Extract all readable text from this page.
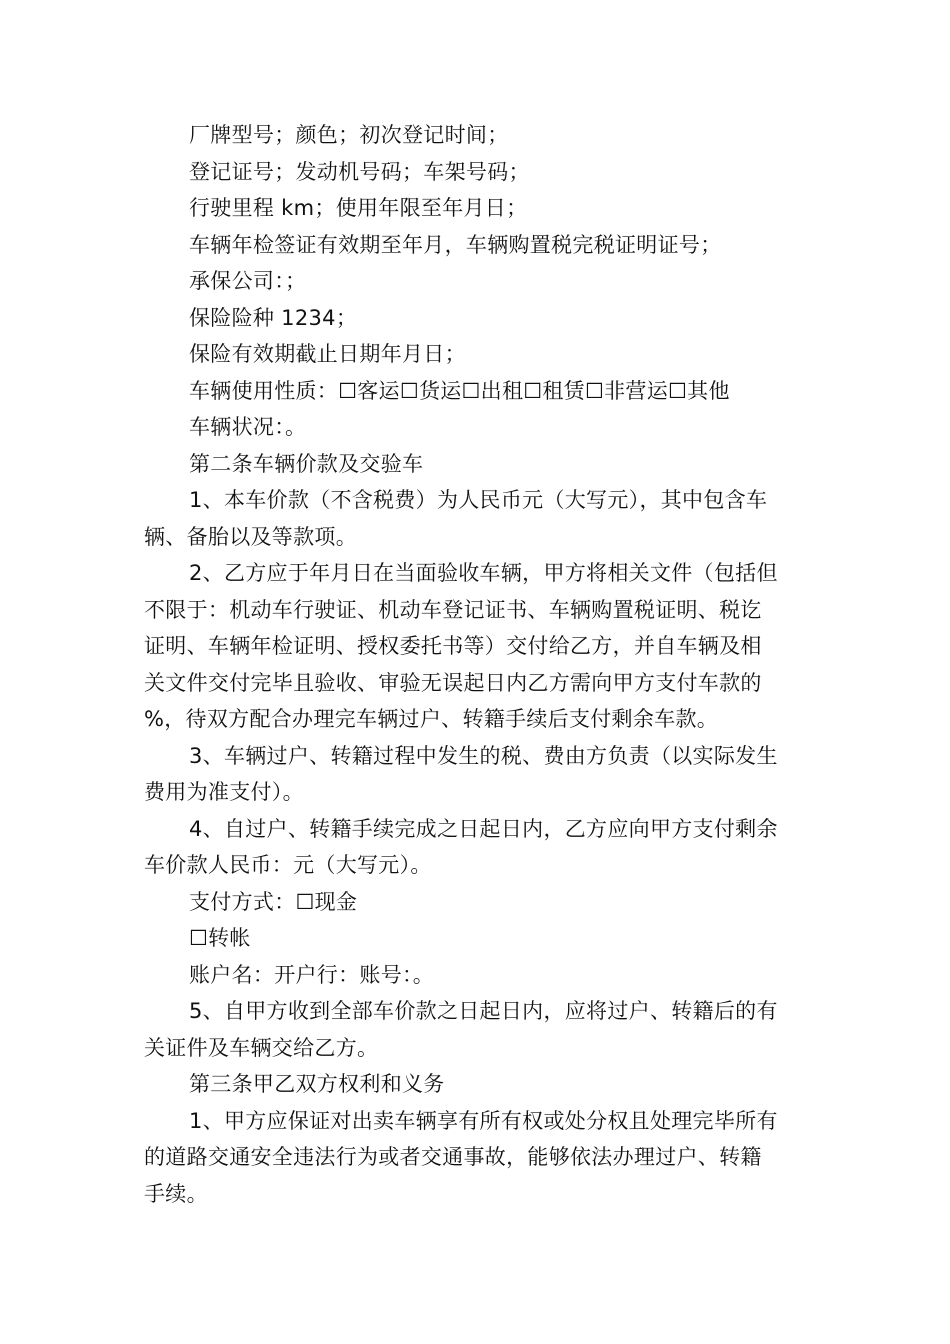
厂牌型号；颜色；初次登记时间；
登记证号；发动机号码；车架号码；
行驶里程 km；使用年限至年月日；
车辆年检签证有效期至年月，车辆购置税完税证明证号；
承保公司：；
保险险种 1234；
保险有效期截止日期年月日；
车辆使用性质：☐客运☐货运☐出租☐租赁☐非营运☐其他
车辆状况：。
第二条车辆价款及交验车
1、本车价款（不含税费）为人民币元（大写元），其中包含车
辆、备胎以及等款项。
2、乙方应于年月日在当面验收车辆，甲方将相关文件（包括但
不限于：机动车行驶证、机动车登记证书、车辆购置税证明、税讫
证明、车辆年检证明、授权委托书等）交付给乙方，并自车辆及相
关文件交付完毕且验收、审验无误起日内乙方需向甲方支付车款的
%，待双方配合办理完车辆过户、转籍手续后支付剩余车款。
3、车辆过户、转籍过程中发生的税、费由方负责（以实际发生
费用为准支付）。
4、自过户、转籍手续完成之日起日内，乙方应向甲方支付剩余
车价款人民币：元（大写元）。
支付方式：☐现金
☐转帐
账户名：开户行：账号：。
5、自甲方收到全部车价款之日起日内，应将过户、转籍后的有
关证件及车辆交给乙方。
第三条甲乙双方权利和义务
1、甲方应保证对出卖车辆享有所有权或处分权且处理完毕所有
的道路交通安全违法行为或者交通事故，能够依法办理过户、转籍
手续。
